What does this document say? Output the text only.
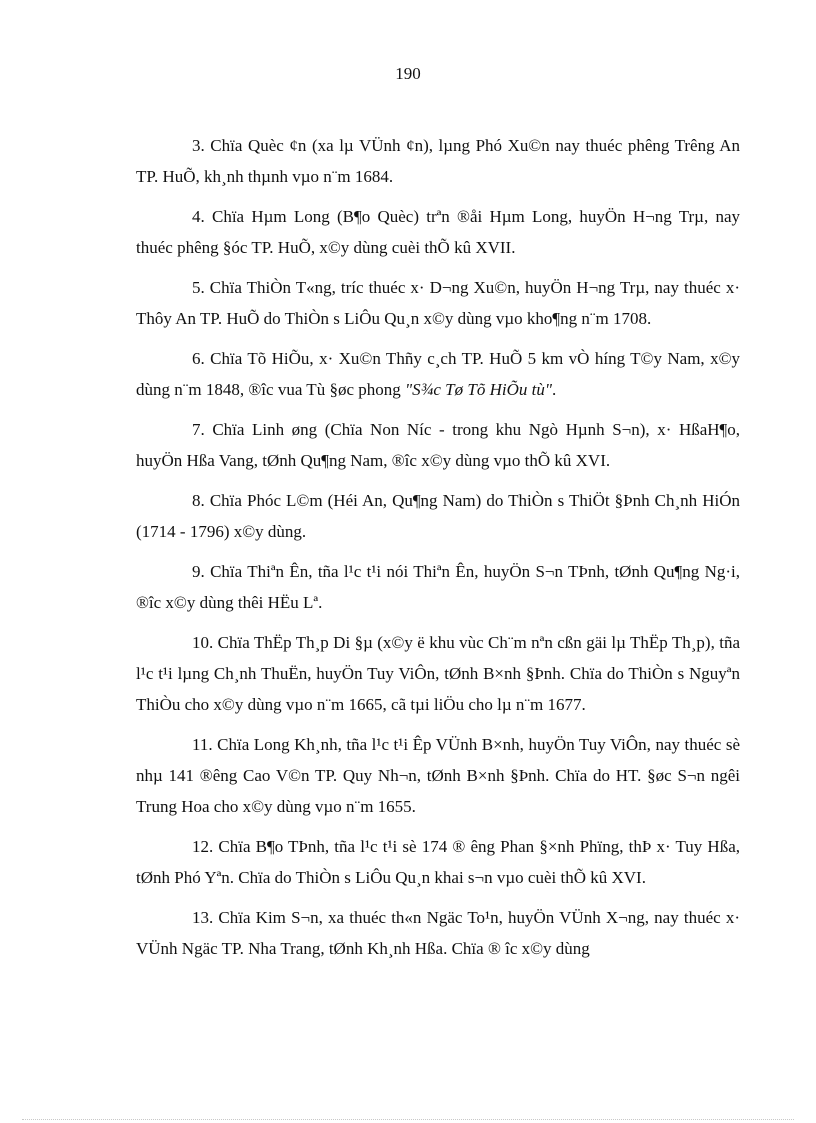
190

3. Chïa Quèc ¢n (xa lµ VÜnh ¢n), lµng Phó Xu©n nay thuéc phêng Trêng An TP. HuÕ, kh¸nh thµnh vµo n¨m 1684.

4. Chïa Hµm Long (B¶o Quèc) trªn ®åi Hµm Long, huyÖn H¬ng Trµ, nay thuéc phêng §óc TP. HuÕ, x©y dùng cuèi thÕ kû XVII.

5. Chïa ThiÒn T«ng, tríc thuéc x· D¬ng Xu©n, huyÖn H¬ng Trµ, nay thuéc x· Thôy An TP. HuÕ do ThiÒn s LiÔu Qu¸n x©y dùng vµo kho¶ng n¨m 1708.

6. Chïa Tõ HiÕu, x· Xu©n Thñy c¸ch TP. HuÕ 5 km vÒ híng T©y Nam, x©y dùng n¨m 1848, ®îc vua Tù §øc phong "S¾c Tø Tõ HiÕu tù".

7. Chïa Linh øng (Chïa Non Níc - trong khu Ngò Hµnh S¬n), x· HßaH¶o, huyÖn Hßa Vang, tØnh Qu¶ng Nam, ®îc x©y dùng vµo thÕ kû XVI.

8. Chïa Phóc L©m (Héi An, Qu¶ng Nam) do ThiÒn s ThiÖt §Þnh Ch¸nh HiÓn (1714 - 1796) x©y dùng.

9. Chïa Thiªn Ên, tña l¹c t¹i nói Thiªn Ên, huyÖn S¬n TÞnh, tØnh Qu¶ng Ng·i, ®îc x©y dùng thêi HËu Lª.

10. Chïa ThËp Th¸p Di §µ (x©y ë khu vùc Ch¨m nªn cßn gäi lµ ThËp Th¸p), tña l¹c t¹i lµng Ch¸nh ThuËn, huyÖn Tuy ViÔn, tØnh B×nh §Þnh. Chïa do ThiÒn s Nguyªn ThiÒu cho x©y dùng vµo n¨m 1665, cã tµi liÖu cho lµ n¨m 1677.

11. Chïa Long Kh¸nh, tña l¹c t¹i Êp VÜnh B×nh, huyÖn Tuy ViÔn, nay thuéc sè nhµ 141 ®êng Cao V©n TP. Quy Nh¬n, tØnh B×nh §Þnh. Chïa do HT. §øc S¬n ngêi Trung Hoa cho x©y dùng vµo n¨m 1655.

12. Chïa B¶o TÞnh, tña l¹c t¹i sè 174 ® êng Phan §×nh Phïng, thÞ x· Tuy Hßa, tØnh Phó Yªn. Chïa do ThiÒn s LiÔu Qu¸n khai s¬n vµo cuèi thÕ kû XVI.

13. Chïa Kim S¬n, xa thuéc th«n Ngäc To¹n, huyÖn VÜnh X¬ng, nay thuéc x· VÜnh Ngäc TP. Nha Trang, tØnh Kh¸nh Hßa. Chïa ® îc x©y dùng
